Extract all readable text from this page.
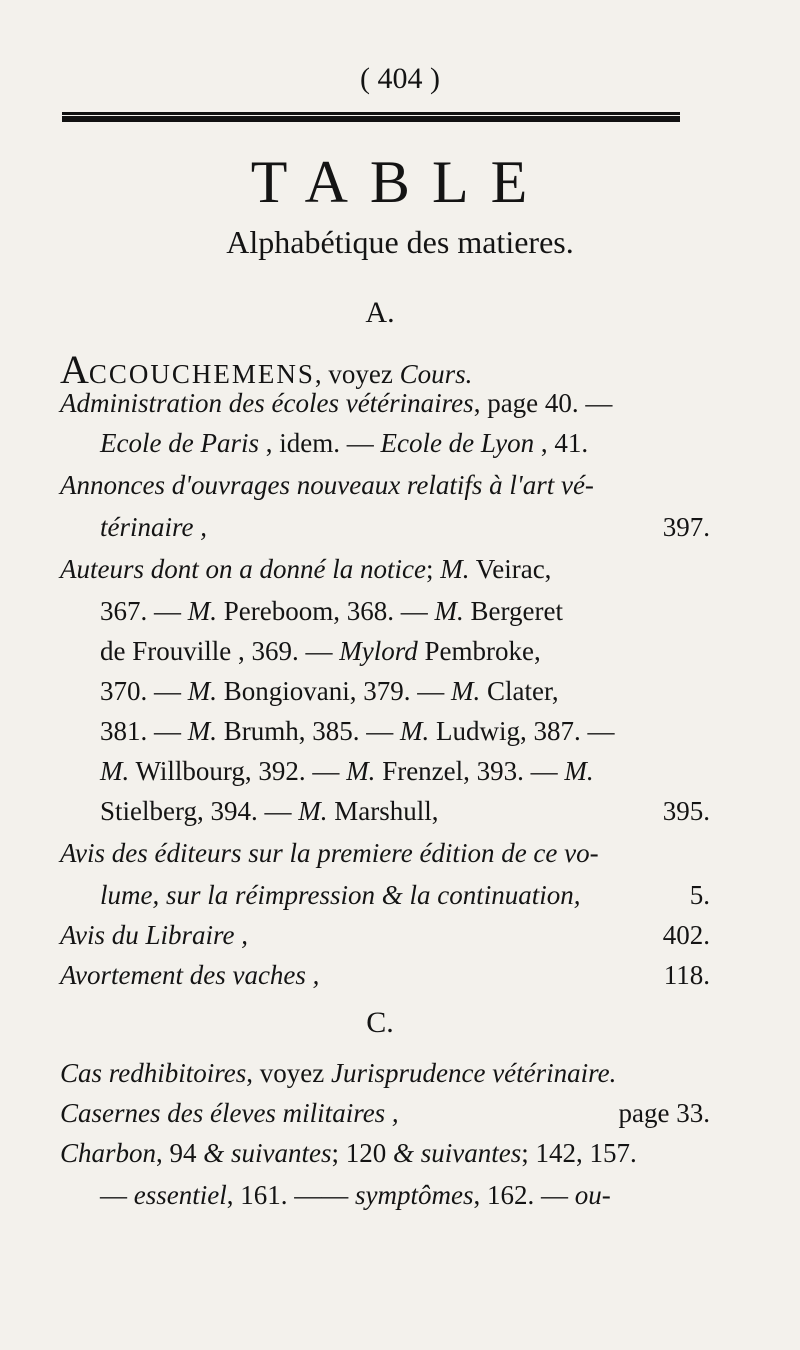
( 404 )
TABLE
Alphabétique des matieres.
A.
C.
ACCOUCHEMENS, voyez Cours.
Administration des écoles vétérinaires, page 40. —
Ecole de Paris , idem. — Ecole de Lyon , 41.
Annonces d'ouvrages nouveaux relatifs à l'art vé-
térinaire ,	397.
Auteurs dont on a donné la notice; M. Veirac,
367. — M. Pereboom, 368. — M. Bergeret
de Frouville , 369. — Mylord Pembroke,
370. — M. Bongiovani, 379. — M. Clater,
381. — M. Brumh, 385. — M. Ludwig, 387. —
M. Willbourg, 392. — M. Frenzel, 393. — M.
Stielberg, 394. — M. Marshull,	395.
Avis des éditeurs sur la premiere édition de ce vo-
lume, sur la réimpression & la continuation,	5.
Avis du Libraire ,	402.
Avortement des vaches ,	118.
Cas redhibitoires, voyez Jurisprudence vétérinaire.
Casernes des éleves militaires ,	page 33.
Charbon, 94 & suivantes; 120 & suivantes; 142, 157.
— essentiel, 161. —— symptômes, 162. — ou-
